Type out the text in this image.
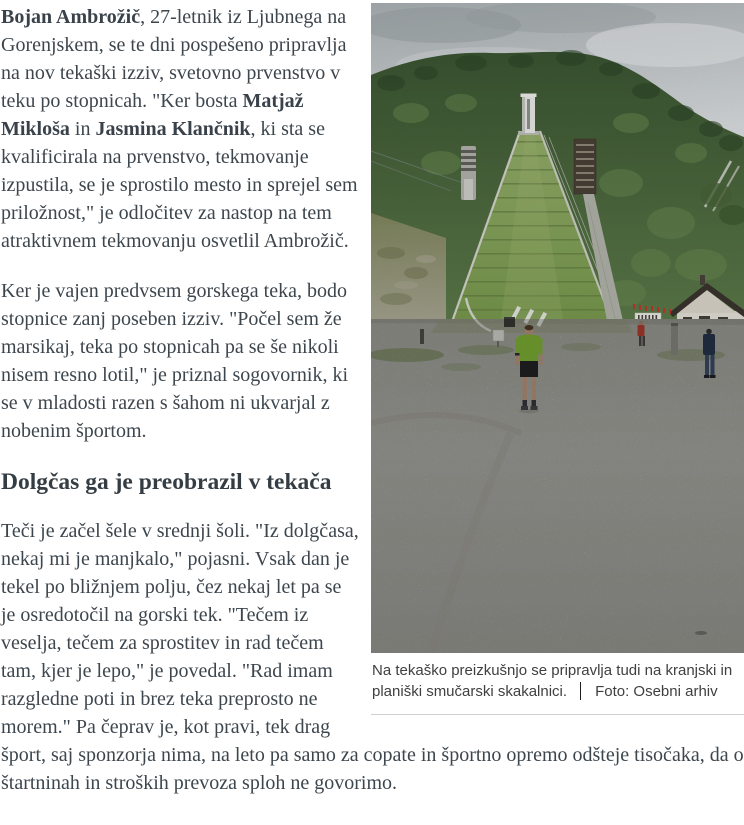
Na tekaško preizkušnjo se pripravlja tudi na kranjski in planiški smučarski skakalnici. Foto: Osebni arhiv

Bojan Ambrožič, 27-letnik iz Ljubnega na Gorenjskem, se te dni pospešeno pripravlja na nov tekaški izziv, svetovno prvenstvo v teku po stopnicah. "Ker bosta Matjaž Mikloša in Jasmina Klančnik, ki sta se kvalificirala na prvenstvo, tekmovanje izpustila, se je sprostilo mesto in sprejel sem priložnost," je odločitev za nastop na tem atraktivnem tekmovanju osvetlil Ambrožič.

Ker je vajen predvsem gorskega teka, bodo stopnice zanj poseben izziv. "Počel sem že marsikaj, teka po stopnicah pa se še nikoli nisem resno lotil," je priznal sogovornik, ki se v mladosti razen s šahom ni ukvarjal z nobenim športom.

Dolgčas ga je preobrazil v tekača

Teči je začel šele v srednji šoli. "Iz dolgčasa, nekaj mi je manjkalo," pojasni. Vsak dan je tekel po bližnjem polju, čez nekaj let pa se je osredotočil na gorski tek. "Tečem iz veselja, tečem za sprostitev in rad tečem tam, kjer je lepo," je povedal. "Rad imam razgledne poti in brez teka preprosto ne morem." Pa čeprav je, kot pravi, tek drag šport, saj sponzorja nima, na leto pa samo za copate in športno opremo odšteje tisočaka, da o štartninah in stroških prevoza sploh ne govorimo.
